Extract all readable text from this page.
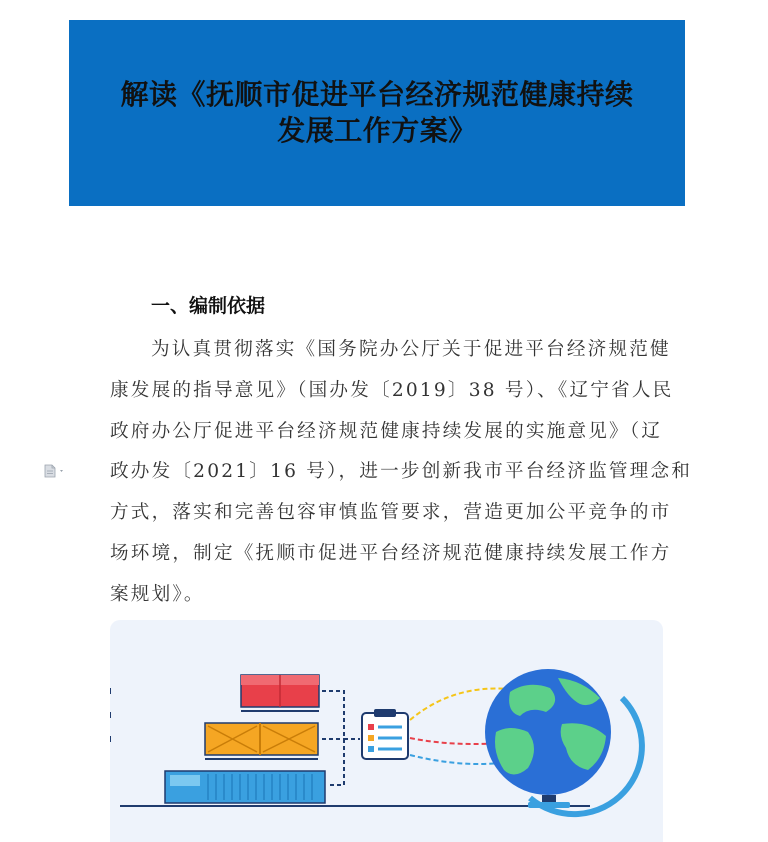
解读《抚顺市促进平台经济规范健康持续
发展工作方案》
一、编制依据
为认真贯彻落实《国务院办公厅关于促进平台经济规范健
康发展的指导意见》（国办发〔2019〕38 号）、《辽宁省人民
政府办公厅促进平台经济规范健康持续发展的实施意见》（辽
政办发〔2021〕16 号），进一步创新我市平台经济监管理念和
方式，落实和完善包容审慎监管要求，营造更加公平竞争的市
场环境，制定《抚顺市促进平台经济规范健康持续发展工作方
案规划》。
